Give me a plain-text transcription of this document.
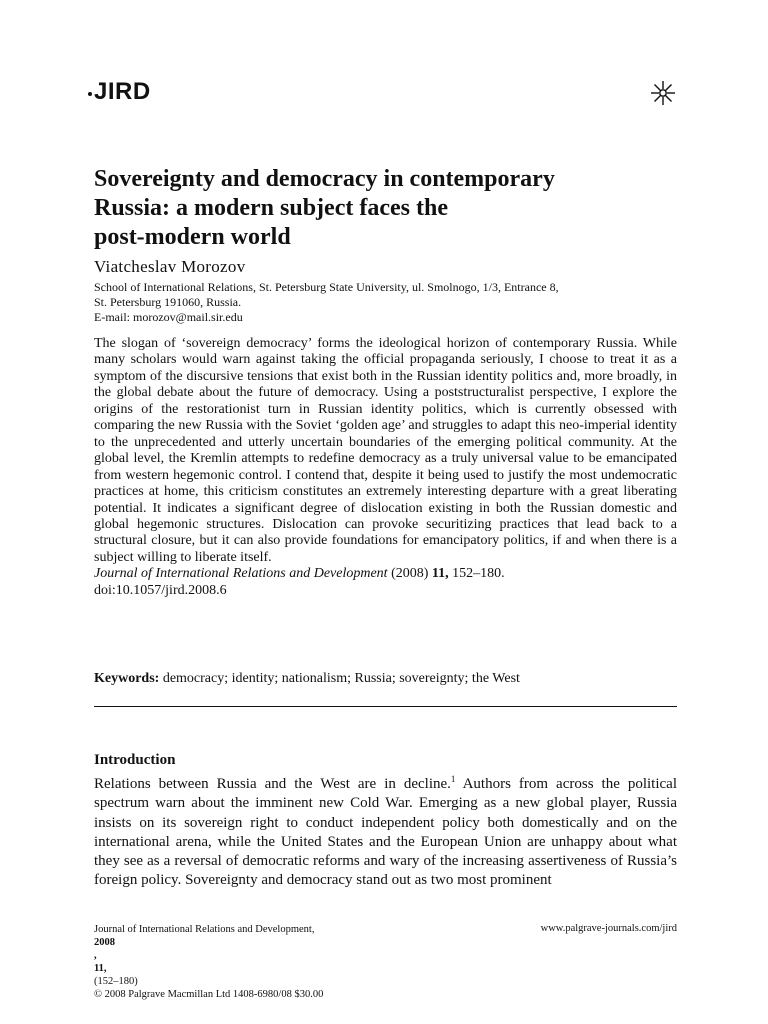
JIRD
Sovereignty and democracy in contemporary
Russia: a modern subject faces the
post-modern world
Viatcheslav Morozov
School of International Relations, St. Petersburg State University, ul. Smolnogo, 1/3, Entrance 8,
St. Petersburg 191060, Russia.
E-mail: morozov@mail.sir.edu
The slogan of ‘sovereign democracy’ forms the ideological horizon of contemporary Russia. While many scholars would warn against taking the official propaganda seriously, I choose to treat it as a symptom of the discursive tensions that exist both in the Russian identity politics and, more broadly, in the global debate about the future of democracy. Using a poststructuralist perspective, I explore the origins of the restorationist turn in Russian identity politics, which is currently obsessed with comparing the new Russia with the Soviet ‘golden age’ and struggles to adapt this neo-imperial identity to the unprecedented and utterly uncertain boundaries of the emerging political community. At the global level, the Kremlin attempts to redefine democracy as a truly universal value to be emancipated from western hegemonic control. I contend that, despite it being used to justify the most undemocratic practices at home, this criticism constitutes an extremely interesting departure with a great liberating potential. It indicates a significant degree of dislocation existing in both the Russian domestic and global hegemonic structures. Dislocation can provoke securitizing practices that lead back to a structural closure, but it can also provide foundations for emancipatory politics, if and when there is a subject willing to liberate itself.
Journal of International Relations and Development (2008) 11, 152–180.
doi:10.1057/jird.2008.6
Keywords: democracy; identity; nationalism; Russia; sovereignty; the West
Introduction
Relations between Russia and the West are in decline.$^1$ Authors from across the political spectrum warn about the imminent new Cold War. Emerging as a new global player, Russia insists on its sovereign right to conduct independent policy both domestically and on the international arena, while the United States and the European Union are unhappy about what they see as a reversal of democratic reforms and wary of the increasing assertiveness of Russia’s foreign policy. Sovereignty and democracy stand out as two most prominent
Journal of International Relations and Development,
2008
,
11,
(152–180)
© 2008 Palgrave Macmillan Ltd 1408-6980/08 $30.00
www.palgrave-journals.com/jird
